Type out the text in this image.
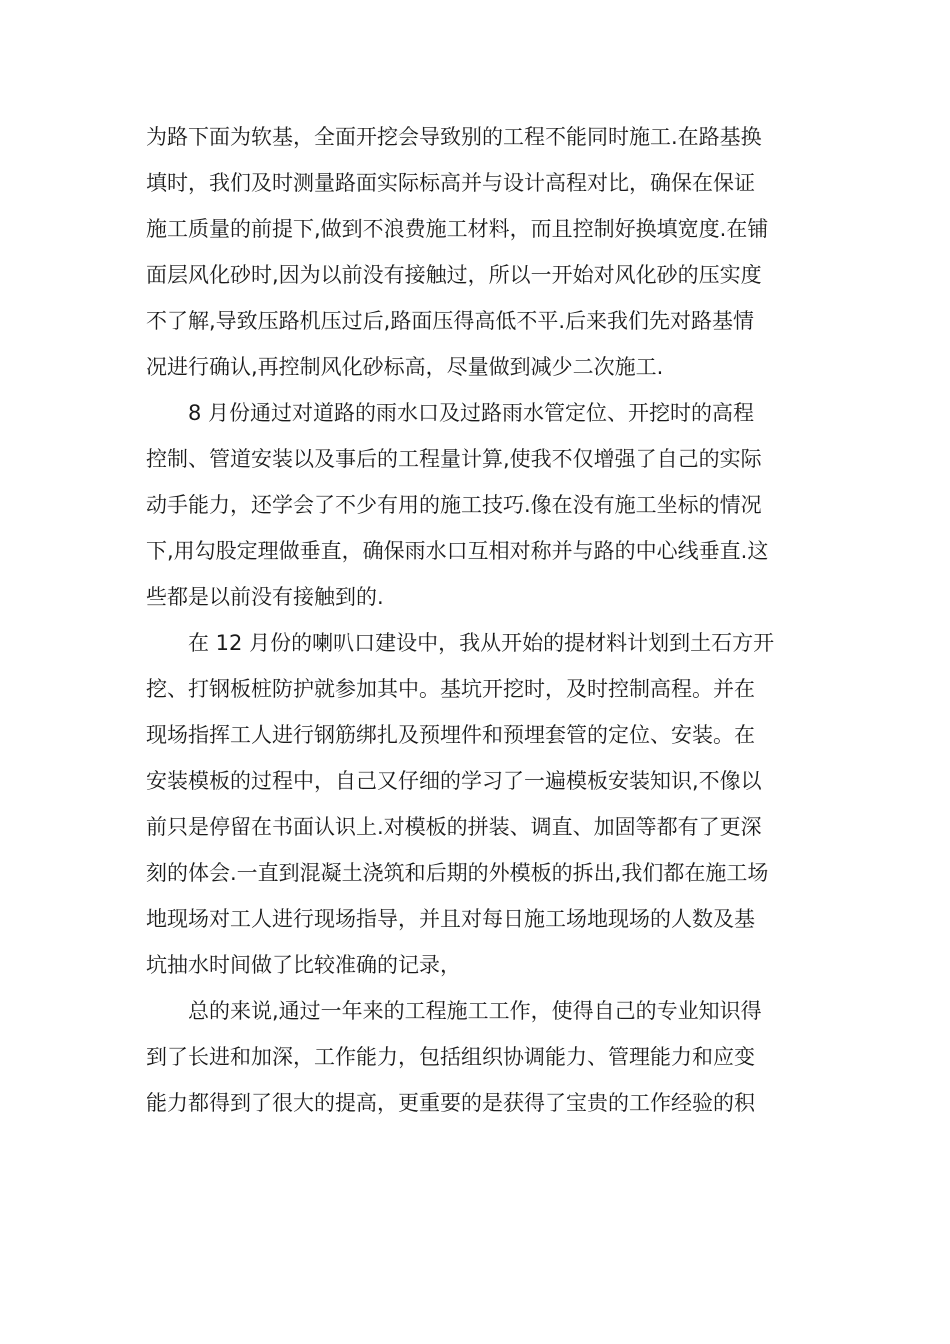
为路下面为软基，全面开挖会导致别的工程不能同时施工.在路基换
填时，我们及时测量路面实际标高并与设计高程对比，确保在保证
施工质量的前提下,做到不浪费施工材料，而且控制好换填宽度.在铺
面层风化砂时,因为以前没有接触过，所以一开始对风化砂的压实度
不了解,导致压路机压过后,路面压得高低不平.后来我们先对路基情
况进行确认,再控制风化砂标高，尽量做到减少二次施工.
8 月份通过对道路的雨水口及过路雨水管定位、开挖时的高程
控制、管道安装以及事后的工程量计算,使我不仅增强了自己的实际
动手能力，还学会了不少有用的施工技巧.像在没有施工坐标的情况
下,用勾股定理做垂直，确保雨水口互相对称并与路的中心线垂直.这
些都是以前没有接触到的.
在 12 月份的喇叭口建设中，我从开始的提材料计划到土石方开
挖、打钢板桩防护就参加其中。基坑开挖时，及时控制高程。并在
现场指挥工人进行钢筋绑扎及预埋件和预埋套管的定位、安装。在
安装模板的过程中，自己又仔细的学习了一遍模板安装知识,不像以
前只是停留在书面认识上.对模板的拼装、调直、加固等都有了更深
刻的体会.一直到混凝土浇筑和后期的外模板的拆出,我们都在施工场
地现场对工人进行现场指导，并且对每日施工场地现场的人数及基
坑抽水时间做了比较准确的记录，
总的来说,通过一年来的工程施工工作，使得自己的专业知识得
到了长进和加深，工作能力，包括组织协调能力、管理能力和应变
能力都得到了很大的提高，更重要的是获得了宝贵的工作经验的积
